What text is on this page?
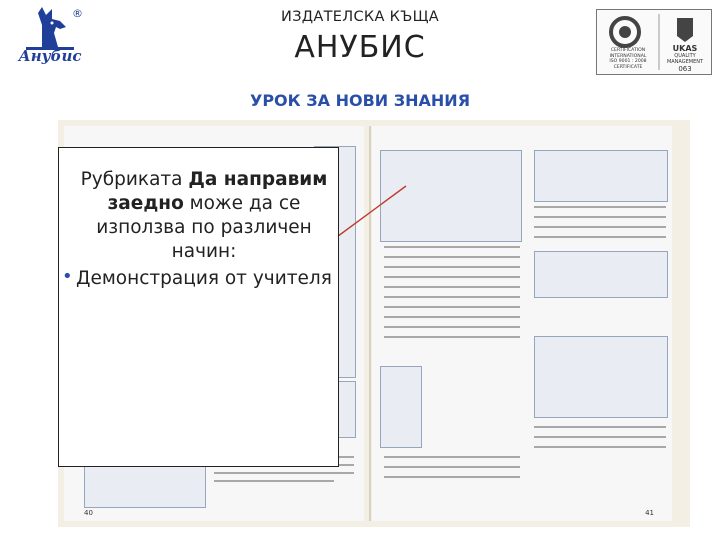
®
Анубис
ИЗДАТЕЛСКА КЪЩА
АНУБИС	CERTIFICATION
INTERNATIONAL
ISO 9001 : 2008
CERTIFICATE
UKAS
QUALITY
MANAGEMENT
063
УРОК ЗА НОВИ ЗНАНИЯ
40	41
Рубриката Да направим заедно може да се използва по различен начин:
• Демонстрация от учителя
